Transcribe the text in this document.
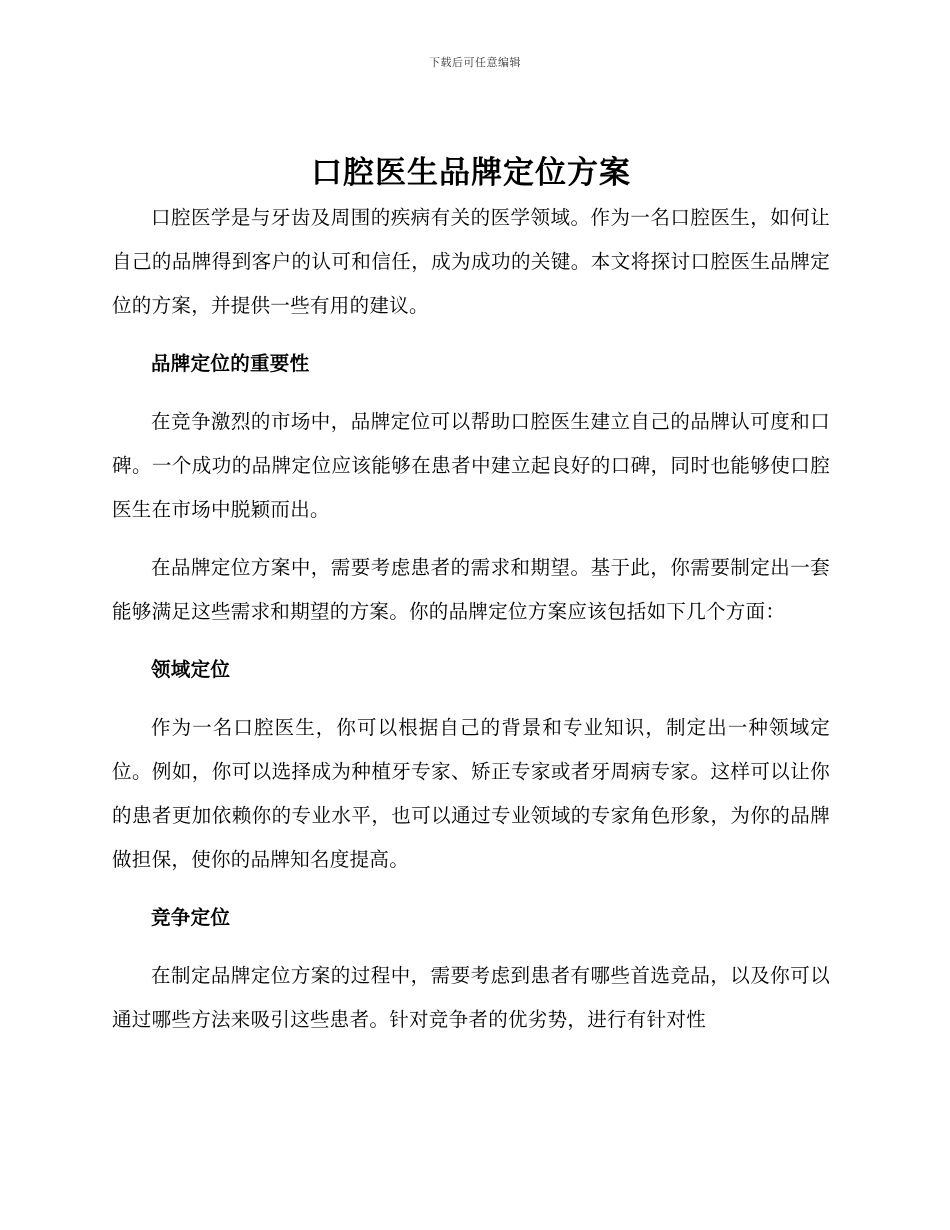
下载后可任意编辑
口腔医生品牌定位方案

口腔医学是与牙齿及周围的疾病有关的医学领域。作为一名口腔医生，如何让自己的品牌得到客户的认可和信任，成为成功的关键。本文将探讨口腔医生品牌定位的方案，并提供一些有用的建议。

品牌定位的重要性

在竞争激烈的市场中，品牌定位可以帮助口腔医生建立自己的品牌认可度和口碑。一个成功的品牌定位应该能够在患者中建立起良好的口碑，同时也能够使口腔医生在市场中脱颖而出。

在品牌定位方案中，需要考虑患者的需求和期望。基于此，你需要制定出一套能够满足这些需求和期望的方案。你的品牌定位方案应该包括如下几个方面：

领域定位

作为一名口腔医生，你可以根据自己的背景和专业知识，制定出一种领域定位。例如，你可以选择成为种植牙专家、矫正专家或者牙周病专家。这样可以让你的患者更加依赖你的专业水平，也可以通过专业领域的专家角色形象，为你的品牌做担保，使你的品牌知名度提高。

竞争定位

在制定品牌定位方案的过程中，需要考虑到患者有哪些首选竞品，以及你可以通过哪些方法来吸引这些患者。针对竞争者的优劣势，进行有针对性
